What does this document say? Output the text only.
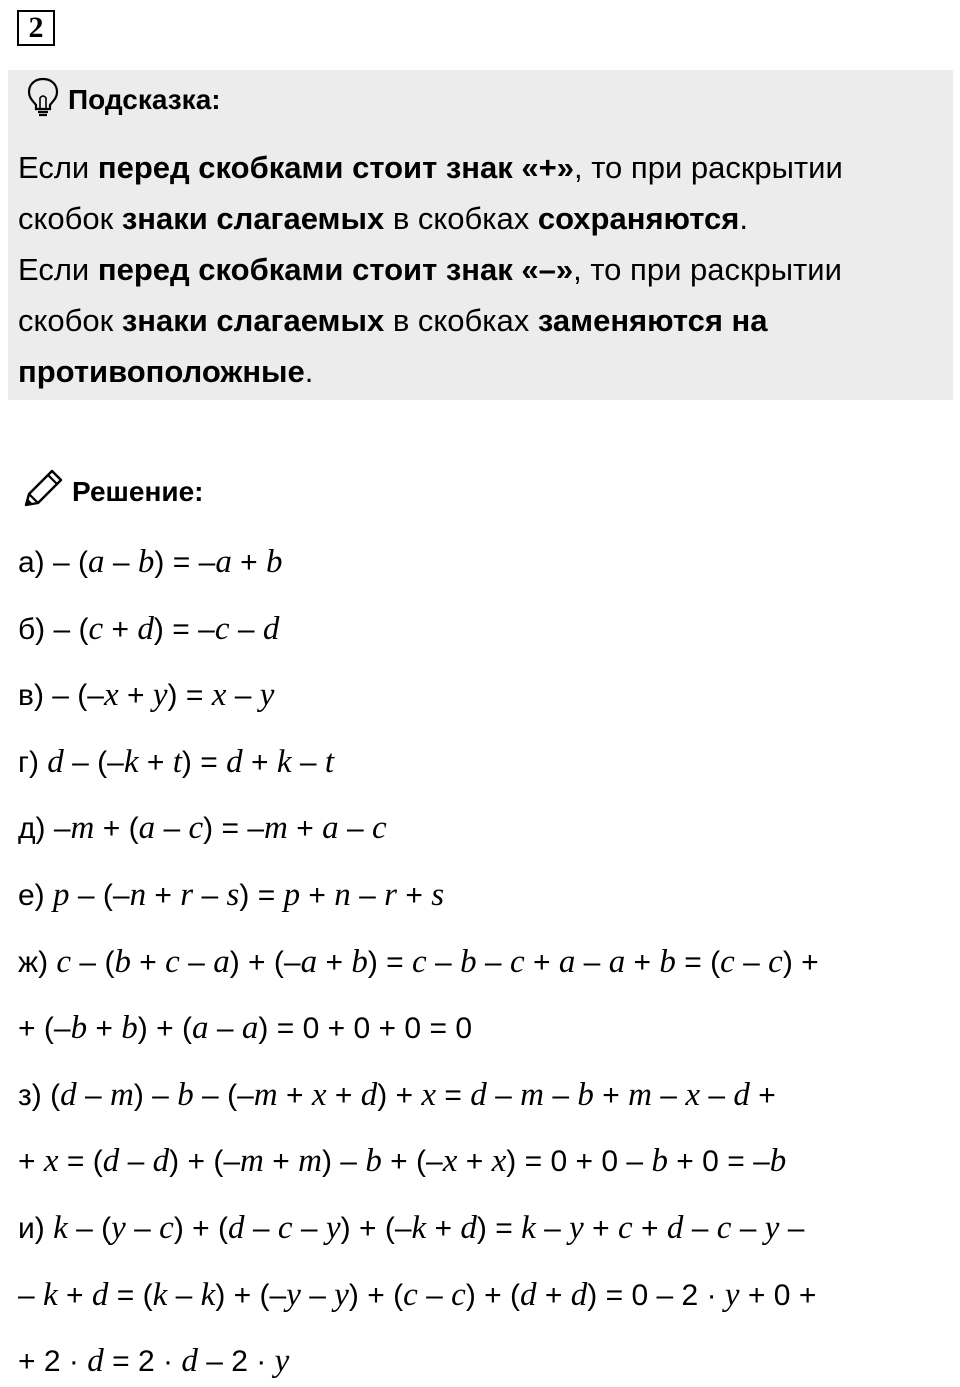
2
Подсказка:

Если перед скобками стоит знак «+», то при раскрытии скобок знаки слагаемых в скобках сохраняются.

Если перед скобками стоит знак «–», то при раскрытии скобок знаки слагаемых в скобках заменяются на противоположные.

Решение:
а) – (a – b) = –a + b
б) – (c + d) = –c – d
в) – (–x + y) = x – y
г) d – (–k + t) = d + k – t
д) –m + (a – c) = –m + a – c
е) p – (–n + r – s) = p + n – r + s
ж) c – (b + c – a) + (–a + b) = c – b – c + a – a + b = (c – c) +
+ (–b + b) + (a – a) = 0 + 0 + 0 = 0
з) (d – m) – b – (–m + x + d) + x = d – m – b + m – x – d +
+ x = (d – d) + (–m + m) – b + (–x + x) = 0 + 0 – b + 0 = –b
и) k – (y – c) + (d – c – y) + (–k + d) = k – y + c + d – c – y –
– k + d = (k – k) + (–y – y) + (c – c) + (d + d) = 0 – 2 · y + 0 +
+ 2 · d = 2 · d – 2 · y
